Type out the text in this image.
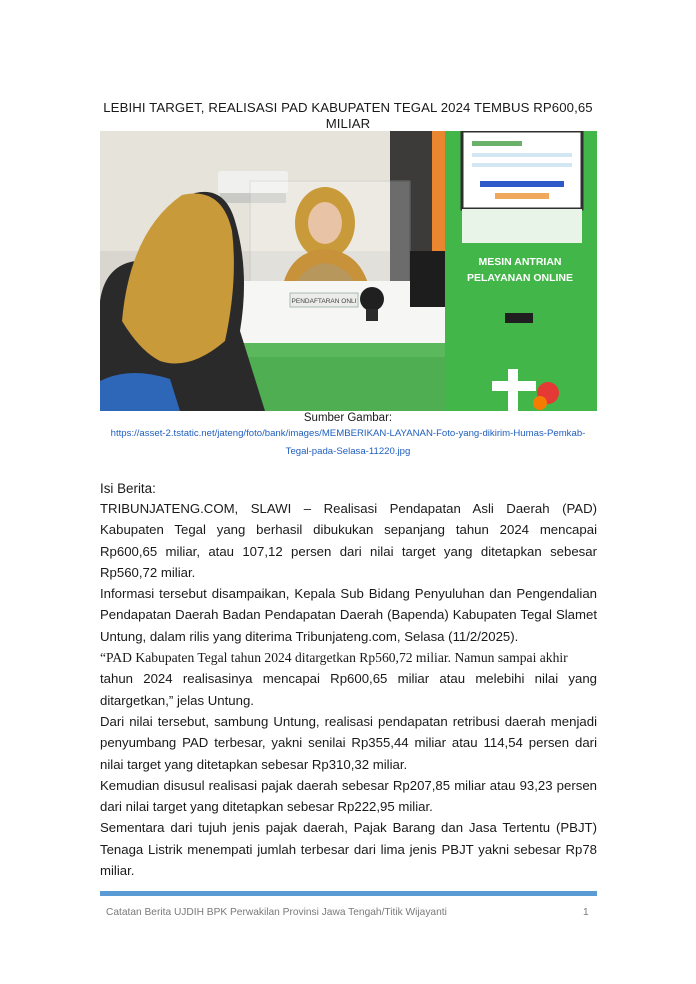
LEBIHI TARGET, REALISASI PAD KABUPATEN TEGAL 2024 TEMBUS RP600,65 MILIAR
PENDAFTARAN ONLI
MESIN ANTRIAN
PELAYANAN ONLINE
Sumber Gambar:
https://asset-2.tstatic.net/jateng/foto/bank/images/MEMBERIKAN-LAYANAN-Foto-yang-dikirim-Humas-Pemkab-Tegal-pada-Selasa-11220.jpg
Isi Berita:

TRIBUNJATENG.COM, SLAWI – Realisasi Pendapatan Asli Daerah (PAD) Kabupaten Tegal yang berhasil dibukukan sepanjang tahun 2024 mencapai Rp600,65 miliar, atau 107,12 persen dari nilai target yang ditetapkan sebesar Rp560,72 miliar.

Informasi tersebut disampaikan, Kepala Sub Bidang Penyuluhan dan Pengendalian Pendapatan Daerah Badan Pendapatan Daerah (Bapenda) Kabupaten Tegal Slamet Untung, dalam rilis yang diterima Tribunjateng.com, Selasa (11/2/2025).

“PAD Kabupaten Tegal tahun 2024 ditargetkan Rp560,72 miliar. Namun sampai akhir

tahun 2024 realisasinya mencapai Rp600,65 miliar atau melebihi nilai yang ditargetkan,” jelas Untung.

Dari nilai tersebut, sambung Untung, realisasi pendapatan retribusi daerah menjadi penyumbang PAD terbesar, yakni senilai Rp355,44 miliar atau 114,54 persen dari nilai target yang ditetapkan sebesar Rp310,32 miliar.

Kemudian disusul realisasi pajak daerah sebesar Rp207,85 miliar atau 93,23 persen dari nilai target yang ditetapkan sebesar Rp222,95 miliar.

Sementara dari tujuh jenis pajak daerah, Pajak Barang dan Jasa Tertentu (PBJT) Tenaga Listrik menempati jumlah terbesar dari lima jenis PBJT yakni sebesar Rp78 miliar.

Catatan Berita UJDIH BPK Perwakilan Provinsi Jawa Tengah/Titik Wijayanti	1
